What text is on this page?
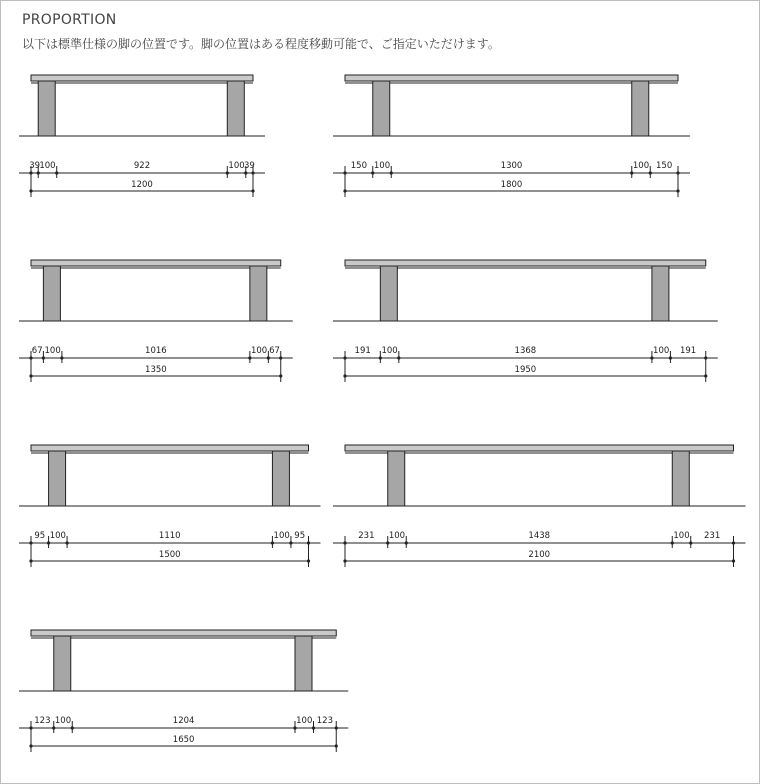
PROPORTION
以下は標準仕様の脚の位置です。脚の位置はある程度移動可能で、ご指定いただけます。
39 100	922	100 39
1200
150 100	1300	100 150
1800
67 100	1016	100 67
1350
191 100	1368	100 191
1950
95 100	1110	100 95
1500
231 100	1438	100 231
2100
123 100	1204	100 123
1650
